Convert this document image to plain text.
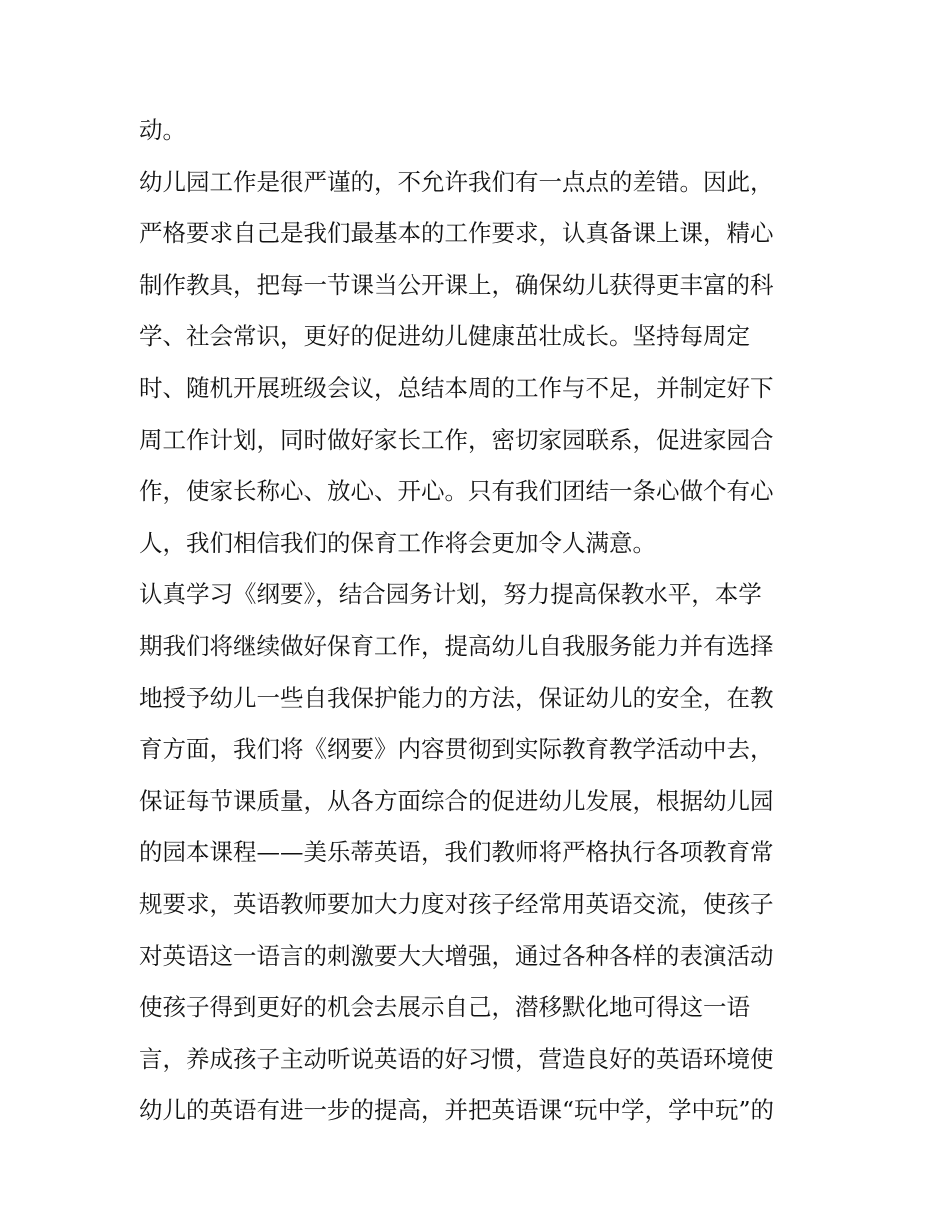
动。
幼儿园工作是很严谨的，不允许我们有一点点的差错。因此，
严格要求自己是我们最基本的工作要求，认真备课上课，精心
制作教具，把每一节课当公开课上，确保幼儿获得更丰富的科
学、社会常识，更好的促进幼儿健康茁壮成长。坚持每周定
时、随机开展班级会议，总结本周的工作与不足，并制定好下
周工作计划，同时做好家长工作，密切家园联系，促进家园合
作，使家长称心、放心、开心。只有我们团结一条心做个有心
人，我们相信我们的保育工作将会更加令人满意。
认真学习《纲要》，结合园务计划，努力提高保教水平，本学
期我们将继续做好保育工作，提高幼儿自我服务能力并有选择
地授予幼儿一些自我保护能力的方法，保证幼儿的安全，在教
育方面，我们将《纲要》内容贯彻到实际教育教学活动中去，
保证每节课质量，从各方面综合的促进幼儿发展，根据幼儿园
的园本课程——美乐蒂英语，我们教师将严格执行各项教育常
规要求，英语教师要加大力度对孩子经常用英语交流，使孩子
对英语这一语言的刺激要大大增强，通过各种各样的表演活动
使孩子得到更好的机会去展示自己，潜移默化地可得这一语
言，养成孩子主动听说英语的好习惯，营造良好的英语环境使
幼儿的英语有进一步的提高，并把英语课“玩中学，学中玩”的
